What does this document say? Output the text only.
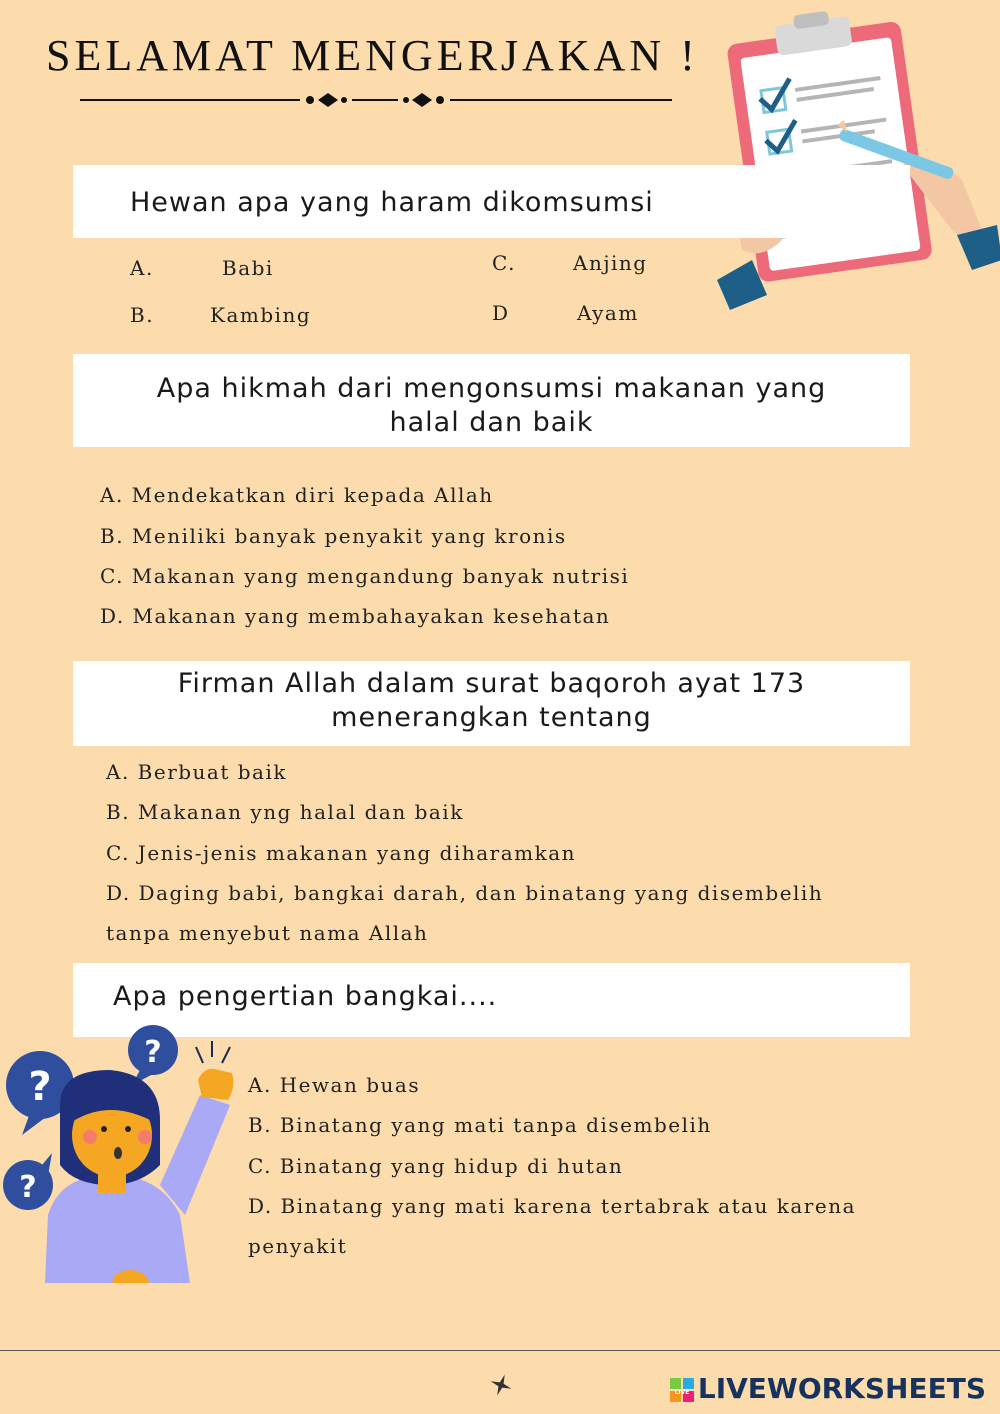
SELAMAT MENGERJAKAN !
Hewan apa yang haram dikomsumsi
A.	Babi
B.	Kambing
C.	Anjing
D	Ayam
Apa hikmah dari mengonsumsi makanan yang
halal dan baik
A. Mendekatkan diri kepada Allah
B. Meniliki banyak penyakit yang kronis
C. Makanan yang mengandung banyak nutrisi
D. Makanan yang membahayakan kesehatan
Firman Allah dalam surat baqoroh ayat 173
menerangkan tentang
A. Berbuat baik
B. Makanan yng halal dan baik
C. Jenis-jenis makanan yang diharamkan
D. Daging babi, bangkai darah, dan binatang yang disembelih
tanpa menyebut nama Allah
Apa pengertian bangkai....
A. Hewan buas
B. Binatang yang mati tanpa disembelih
C. Binatang yang hidup di hutan
D. Binatang yang mati karena tertabrak atau karena
penyakit
?
?
?
LIVE LIVEWORKSHEETS
